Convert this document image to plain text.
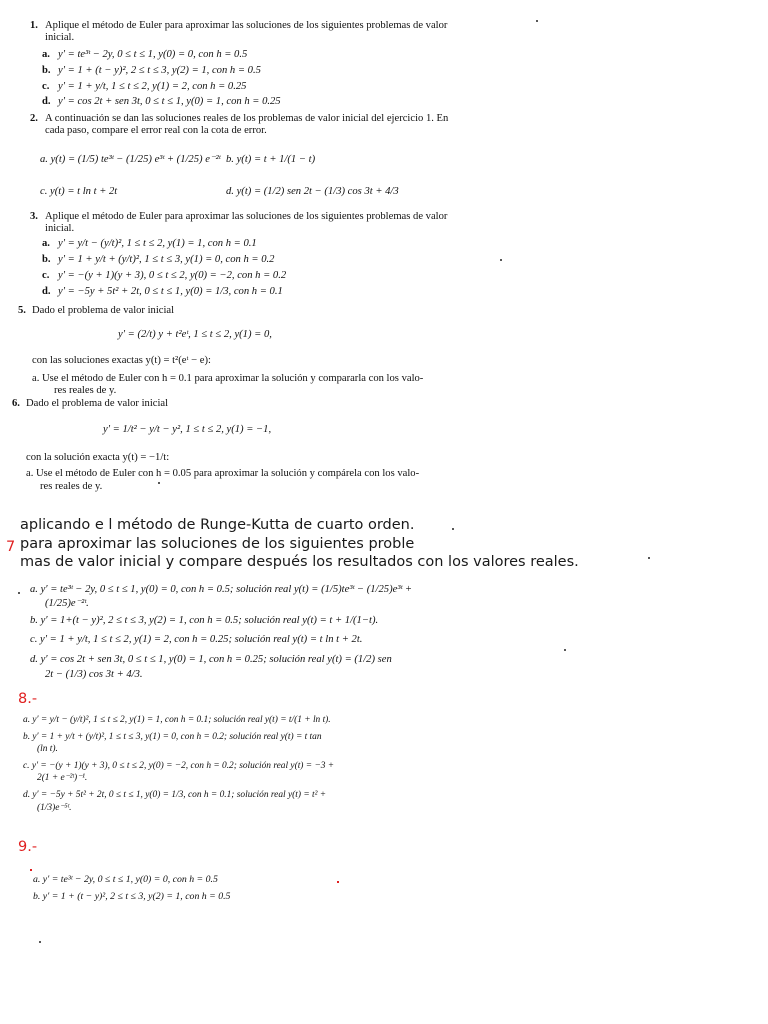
1. Aplique el método de Euler para aproximar las soluciones de los siguientes problemas de valor
inicial.
a. y′ = te³ᵗ − 2y, 0 ≤ t ≤ 1, y(0) = 0, con h = 0.5
b. y′ = 1 + (t − y)², 2 ≤ t ≤ 3, y(2) = 1, con h = 0.5
c. y′ = 1 + y/t, 1 ≤ t ≤ 2, y(1) = 2, con h = 0.25
d. y′ = cos 2t + sen 3t, 0 ≤ t ≤ 1, y(0) = 1, con h = 0.25
2. A continuación se dan las soluciones reales de los problemas de valor inicial del ejercicio 1. En
cada paso, compare el error real con la cota de error.
a. y(t) = (1/5) te³ᵗ − (1/25) e³ᵗ + (1/25) e⁻²ᵗ b. y(t) = t + 1/(1 − t)
c. y(t) = t ln t + 2t	d. y(t) = (1/2) sen 2t − (1/3) cos 3t + 4/3
3. Aplique el método de Euler para aproximar las soluciones de los siguientes problemas de valor
inicial.
a. y′ = y/t − (y/t)², 1 ≤ t ≤ 2, y(1) = 1, con h = 0.1
b. y′ = 1 + y/t + (y/t)², 1 ≤ t ≤ 3, y(1) = 0, con h = 0.2
c. y′ = −(y + 1)(y + 3), 0 ≤ t ≤ 2, y(0) = −2, con h = 0.2
d. y′ = −5y + 5t² + 2t, 0 ≤ t ≤ 1, y(0) = 1/3, con h = 0.1
5. Dado el problema de valor inicial
y′ = (2/t) y + t²eᵗ, 1 ≤ t ≤ 2, y(1) = 0,
con las soluciones exactas y(t) = t²(eᵗ − e):
a. Use el método de Euler con h = 0.1 para aproximar la solución y compararla con los valo-
res reales de y.
6. Dado el problema de valor inicial
y′ = 1/t² − y/t − y², 1 ≤ t ≤ 2, y(1) = −1,
con la solución exacta y(t) = −1/t:
a. Use el método de Euler con h = 0.05 para aproximar la solución y compárela con los valo-
res reales de y.
aplicando e l método de Runge-Kutta de cuarto orden.
7 para aproximar las soluciones de los siguientes proble
mas de valor inicial y compare después los resultados con los valores reales.
a. y′ = te³ᵗ − 2y, 0 ≤ t ≤ 1, y(0) = 0, con h = 0.5; solución real y(t) = (1/5)te³ᵗ − (1/25)e³ᵗ +
(1/25)e⁻²ᵗ.
b. y′ = 1+(t − y)², 2 ≤ t ≤ 3, y(2) = 1, con h = 0.5; solución real y(t) = t + 1/(1−t).
c. y′ = 1 + y/t, 1 ≤ t ≤ 2, y(1) = 2, con h = 0.25; solución real y(t) = t ln t + 2t.
d. y′ = cos 2t + sen 3t, 0 ≤ t ≤ 1, y(0) = 1, con h = 0.25; solución real y(t) = (1/2) sen
2t − (1/3) cos 3t + 4/3.
8.-
a. y′ = y/t − (y/t)², 1 ≤ t ≤ 2, y(1) = 1, con h = 0.1; solución real y(t) = t/(1 + ln t).
b. y′ = 1 + y/t + (y/t)², 1 ≤ t ≤ 3, y(1) = 0, con h = 0.2; solución real y(t) = t tan
(ln t).
c. y′ = −(y + 1)(y + 3), 0 ≤ t ≤ 2, y(0) = −2, con h = 0.2; solución real y(t) = −3 +
2(1 + e⁻²ᵗ)⁻¹.
d. y′ = −5y + 5t² + 2t, 0 ≤ t ≤ 1, y(0) = 1/3, con h = 0.1; solución real y(t) = t² +
(1/3)e⁻⁵ᵗ.
9.-
a. y′ = te³ᵗ − 2y, 0 ≤ t ≤ 1, y(0) = 0, con h = 0.5
b. y′ = 1 + (t − y)², 2 ≤ t ≤ 3, y(2) = 1, con h = 0.5
